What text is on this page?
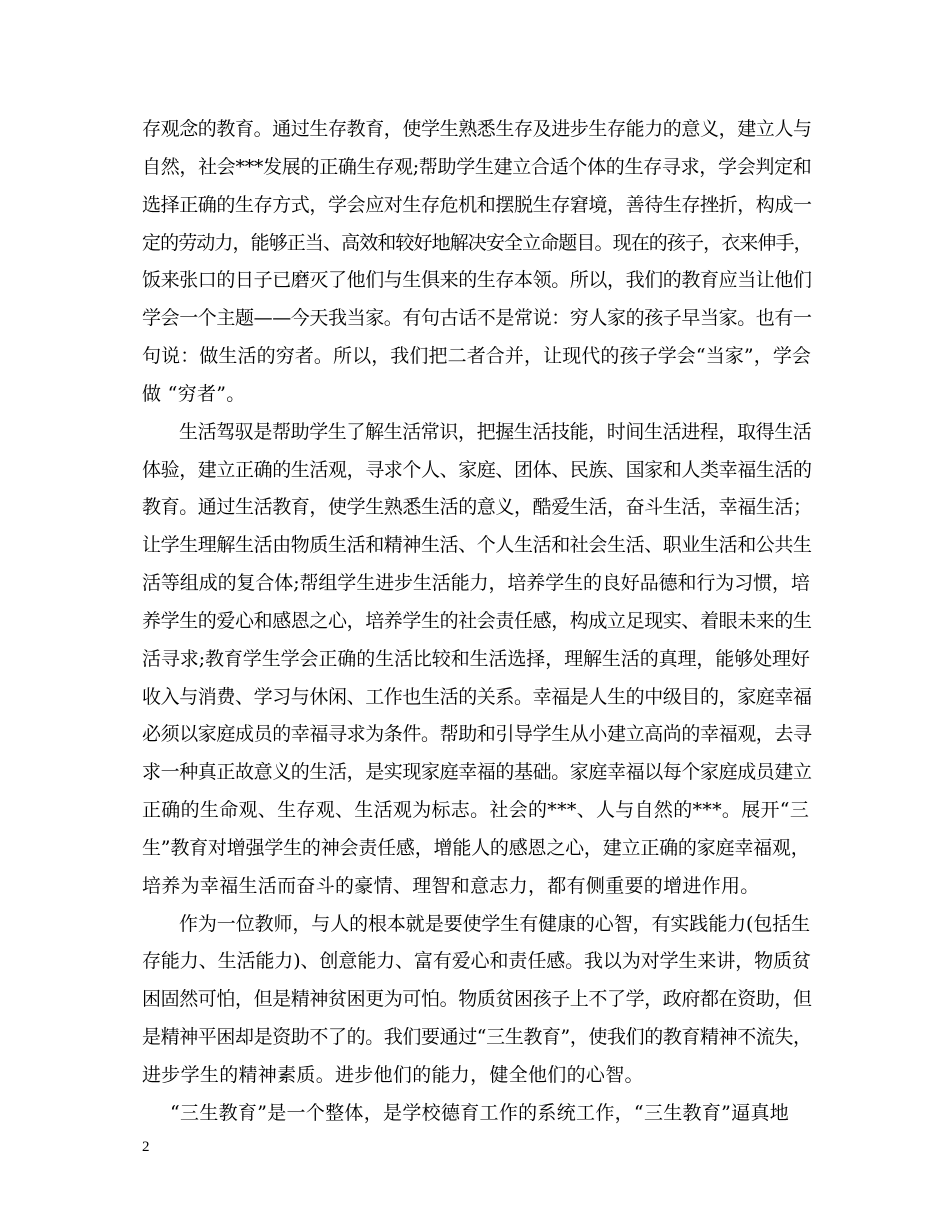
存观念的教育。通过生存教育，使学生熟悉生存及进步生存能力的意义，建立人与
自然，社会***发展的正确生存观;帮助学生建立合适个体的生存寻求，学会判定和
选择正确的生存方式，学会应对生存危机和摆脱生存窘境，善待生存挫折，构成一
定的劳动力，能够正当、高效和较好地解决安全立命题目。现在的孩子，衣来伸手，
饭来张口的日子已磨灭了他们与生俱来的生存本领。所以，我们的教育应当让他们
学会一个主题——今天我当家。有句古话不是常说：穷人家的孩子早当家。也有一
句说：做生活的穷者。所以，我们把二者合并，让现代的孩子学会“当家”，学会
做 “穷者”。
生活驾驭是帮助学生了解生活常识，把握生活技能，时间生活进程，取得生活
体验，建立正确的生活观，寻求个人、家庭、团体、民族、国家和人类幸福生活的
教育。通过生活教育，使学生熟悉生活的意义，酷爱生活，奋斗生活，幸福生活；
让学生理解生活由物质生活和精神生活、个人生活和社会生活、职业生活和公共生
活等组成的复合体;帮组学生进步生活能力，培养学生的良好品德和行为习惯，培
养学生的爱心和感恩之心，培养学生的社会责任感，构成立足现实、着眼未来的生
活寻求;教育学生学会正确的生活比较和生活选择，理解生活的真理，能够处理好
收入与消费、学习与休闲、工作也生活的关系。幸福是人生的中级目的，家庭幸福
必须以家庭成员的幸福寻求为条件。帮助和引导学生从小建立高尚的幸福观，去寻
求一种真正故意义的生活，是实现家庭幸福的基础。家庭幸福以每个家庭成员建立
正确的生命观、生存观、生活观为标志。社会的***、人与自然的***。展开“三
生”教育对增强学生的神会责任感，增能人的感恩之心，建立正确的家庭幸福观，
培养为幸福生活而奋斗的豪情、理智和意志力，都有侧重要的增进作用。
作为一位教师，与人的根本就是要使学生有健康的心智，有实践能力(包括生
存能力、生活能力)、创意能力、富有爱心和责任感。我以为对学生来讲，物质贫
困固然可怕，但是精神贫困更为可怕。物质贫困孩子上不了学，政府都在资助，但
是精神平困却是资助不了的。我们要通过“三生教育”，使我们的教育精神不流失，
进步学生的精神素质。进步他们的能力，健全他们的心智。
“三生教育”是一个整体，是学校德育工作的系统工作，“三生教育”逼真地
2
